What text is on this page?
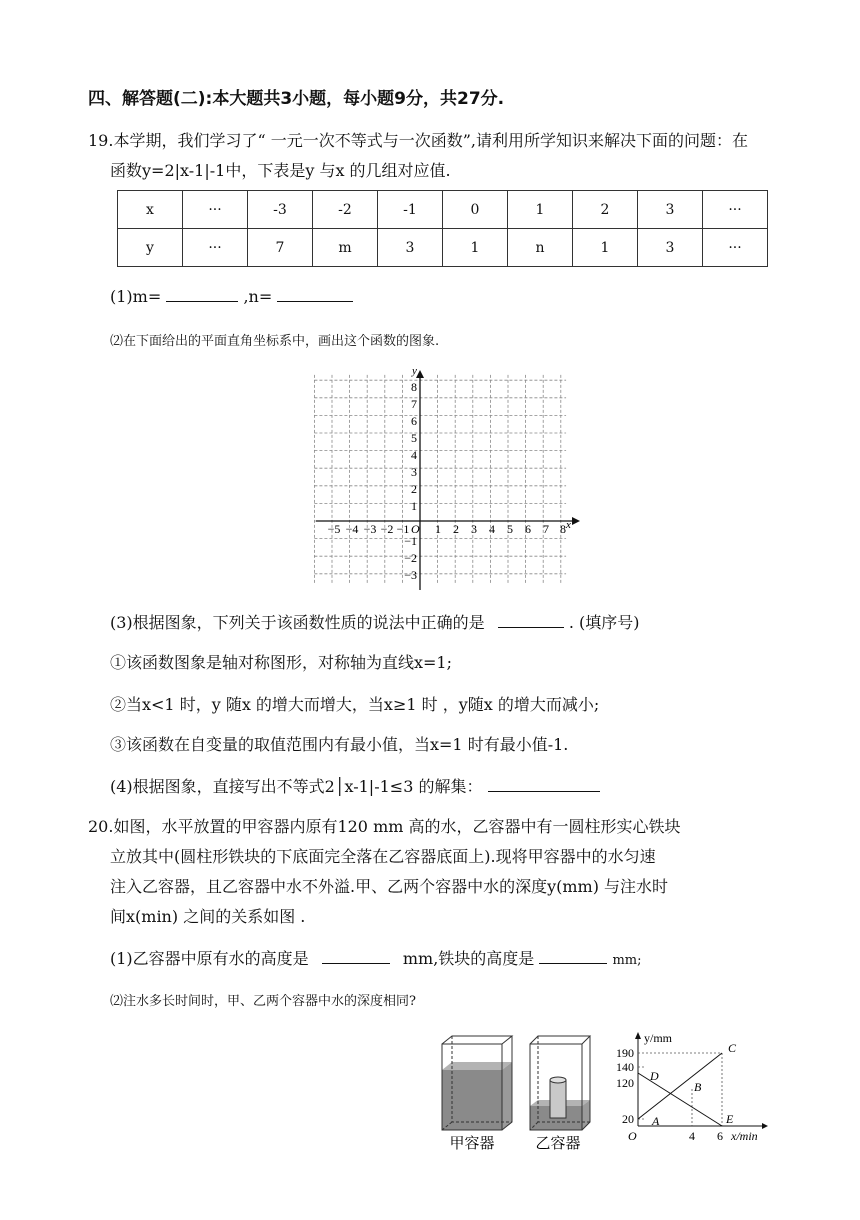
四、解答题(二):本大题共3小题，每小题9分，共27分.
19.本学期，我们学习了“ 一元一次不等式与一次函数”,请利用所学知识来解决下面的问题：在
函数y=2|x-1|-1中，下表是y 与x 的几组对应值.
x	···	-3	-2	-1	0	1	2	3	···
y	···	7	m	3	1	n	1	3	···
(1)m=	,n=
⑵在下面给出的平面直角坐标系中，画出这个函数的图象.
y
x
O
−5 −4 −3 −2 −1 1 2 3 4 5 6 7 8
8
7
6
5
4
3
2
1
−1
−2
−3
(3)根据图象，下列关于该函数性质的说法中正确的是	. (填序号)
①该函数图象是轴对称图形，对称轴为直线x=1;
②当x<1 时，y 随x 的增大而增大，当x≥1 时 ，y随x 的增大而减小;
③该函数在自变量的取值范围内有最小值，当x=1 时有最小值-1.
(4)根据图象，直接写出不等式2│x-1|-1≤3 的解集：
20.如图，水平放置的甲容器内原有120 mm 高的水，乙容器中有一圆柱形实心铁块
立放其中(圆柱形铁块的下底面完全落在乙容器底面上).现将甲容器中的水匀速
注入乙容器，且乙容器中水不外溢.甲、乙两个容器中水的深度y(mm) 与注水时
间x(min) 之间的关系如图 .
(1)乙容器中原有水的高度是	mm,铁块的高度是	mm;
⑵注水多长时间时，甲、乙两个容器中水的深度相同?
甲容器	乙容器
y/mm
x/min
O
190
140
120
20
4 6
D
C
B
A	E
